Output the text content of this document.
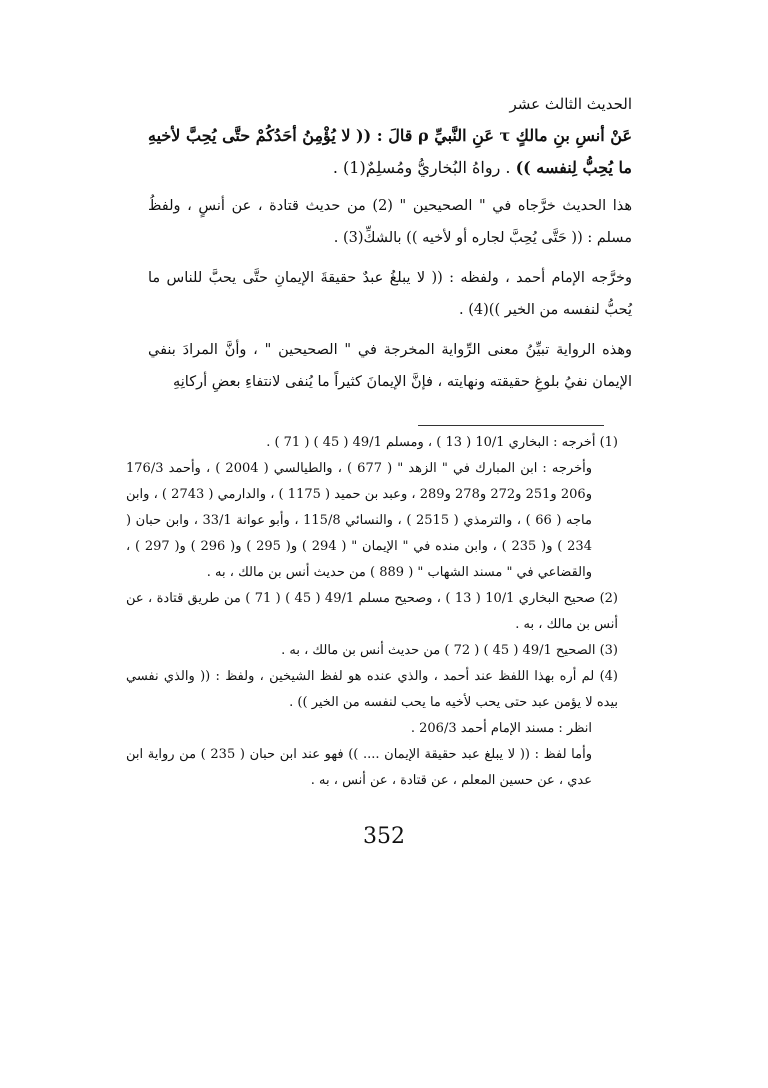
الحديث الثالث عشر

عَنْ أنسِ بنِ مالكٍ τ عَنِ النَّبيِّ ρ قالَ : (( لا يُؤْمِنُ أحَدُكُمْ حتَّى يُحِبَّ لأخيهِ ما يُحِبُّ لِنفسه )) . رواهُ البُخاريُّ ومُسلِمٌ(1) .

هذا الحديث خرَّجاه في " الصحيحين " (2) من حديث قتادة ، عن أنسٍ ، ولفظُ مسلم : (( حَتَّى يُحِبَّ لجاره أو لأخيه )) بالشكِّ(3) .

وخرَّجه الإمام أحمد ، ولفظه : (( لا يبلغُ عبدٌ حقيقةَ الإيمانِ حتَّى يحبَّ للناس ما يُحبُّ لنفسه من الخير ))(4) .

وهذه الرواية تبيِّنُ معنى الرِّواية المخرجة في " الصحيحين " ، وأنَّ المرادَ بنفي الإيمان نفيُ بلوغِ حقيقته ونهايته ، فإنَّ الإيمانَ كثيراً ما يُنفى لانتفاءِ بعضِ أركانِهِ

(1) أخرجه : البخاري 10/1 ( 13 ) ، ومسلم 49/1 ( 45 ) ( 71 ) .

وأخرجه : ابن المبارك في " الزهد " ( 677 ) ، والطيالسي ( 2004 ) ، وأحمد 176/3 و206 و251 و272 و278 و289 ، وعبد بن حميد ( 1175 ) ، والدارمي ( 2743 ) ، وابن ماجه ( 66 ) ، والترمذي ( 2515 ) ، والنسائي 115/8 ، وأبو عوانة 33/1 ، وابن حبان ( 234 ) و( 235 ) ، وابن منده في " الإيمان " ( 294 ) و( 295 ) و( 296 ) و( 297 ) ، والقضاعي في " مسند الشهاب " ( 889 ) من حديث أنس بن مالك ، به .

(2) صحيح البخاري 10/1 ( 13 ) ، وصحيح مسلم 49/1 ( 45 ) ( 71 ) من طريق قتادة ، عن أنس بن مالك ، به .

(3) الصحيح 49/1 ( 45 ) ( 72 ) من حديث أنس بن مالك ، به .

(4) لم أره بهذا اللفظ عند أحمد ، والذي عنده هو لفظ الشيخين ، ولفظ : (( والذي نفسي بيده لا يؤمن عبد حتى يحب لأخيه ما يحب لنفسه من الخير )) .

انظر : مسند الإمام أحمد 206/3 .

وأما لفظ : (( لا يبلغ عبد حقيقة الإيمان .... )) فهو عند ابن حبان ( 235 ) من رواية ابن عدي ، عن حسين المعلم ، عن قتادة ، عن أنس ، به .

352
